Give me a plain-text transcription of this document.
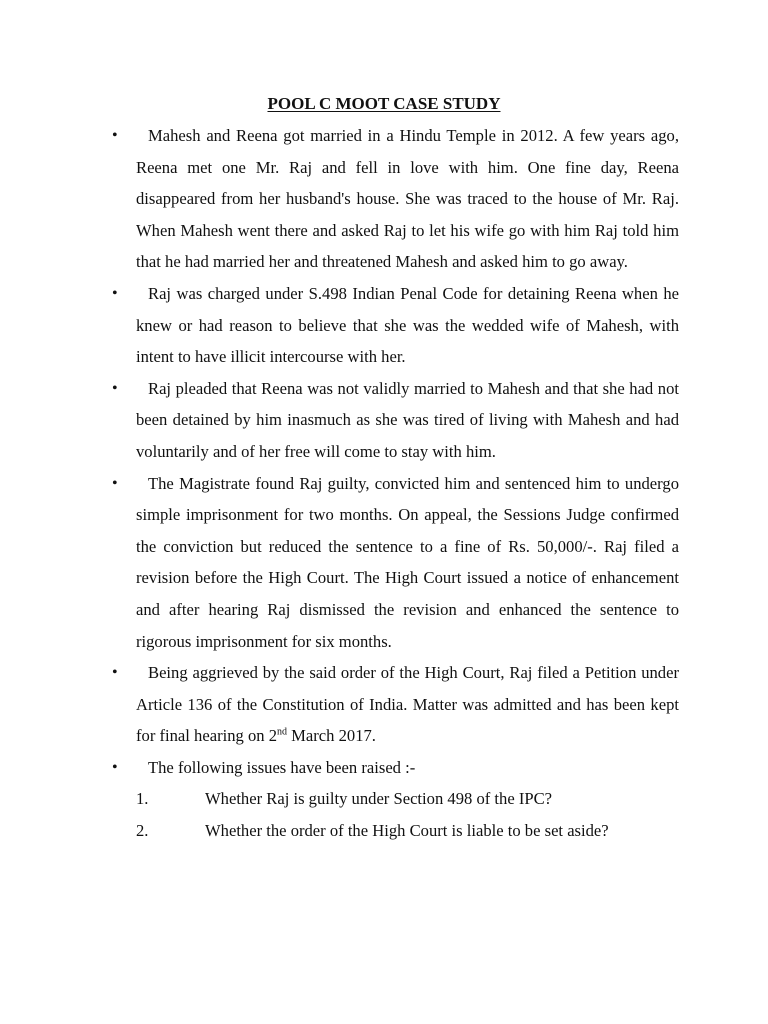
POOL C MOOT CASE STUDY
•	Mahesh and Reena got married in a Hindu Temple in 2012. A few years ago, Reena met one Mr. Raj and fell in love with him. One fine day, Reena disappeared from her husband's house. She was traced to the house of Mr. Raj. When Mahesh went there and asked Raj to let his wife go with him Raj told him that he had married her and threatened Mahesh and asked him to go away.

•	Raj was charged under S.498 Indian Penal Code for detaining Reena when he knew or had reason to believe that she was the wedded wife of Mahesh, with intent to have illicit intercourse with her.

•	Raj pleaded that Reena was not validly married to Mahesh and that she had not been detained by him inasmuch as she was tired of living with Mahesh and had voluntarily and of her free will come to stay with him.

•	The Magistrate found Raj guilty, convicted him and sentenced him to undergo simple imprisonment for two months. On appeal, the Sessions Judge confirmed the conviction but reduced the sentence to a fine of Rs. 50,000/-. Raj filed a revision before the High Court. The High Court issued a notice of enhancement and after hearing Raj dismissed the revision and enhanced the sentence to rigorous imprisonment for six months.

•	Being aggrieved by the said order of the High Court, Raj filed a Petition under Article 136 of the Constitution of India. Matter was admitted and has been kept for final hearing on 2nd March 2017.

•	The following issues have been raised :-

1.	Whether Raj is guilty under Section 498 of the IPC?
2.	Whether the order of the High Court is liable to be set aside?
